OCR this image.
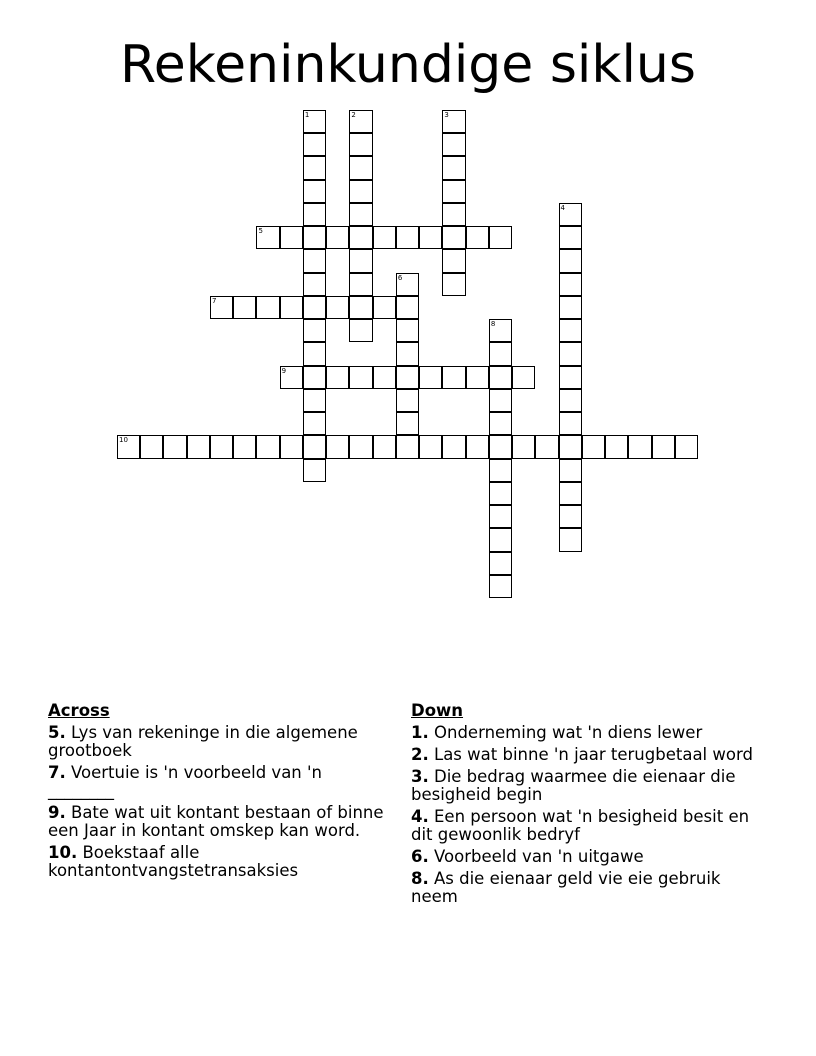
Rekeninkundige siklus
1	2	3
4
5
6
7
8
9
10
Across
5. Lys van rekeninge in die algemene grootboek
7. Voertuie is 'n voorbeeld van 'n ________
9. Bate wat uit kontant bestaan of binne een Jaar in kontant omskep kan word.
10. Boekstaaf alle kontantontvangstetransaksies
Down
1. Onderneming wat 'n diens lewer
2. Las wat binne 'n jaar terugbetaal word
3. Die bedrag waarmee die eienaar die besigheid begin
4. Een persoon wat 'n besigheid besit en dit gewoonlik bedryf
6. Voorbeeld van 'n uitgawe
8. As die eienaar geld vie eie gebruik neem
